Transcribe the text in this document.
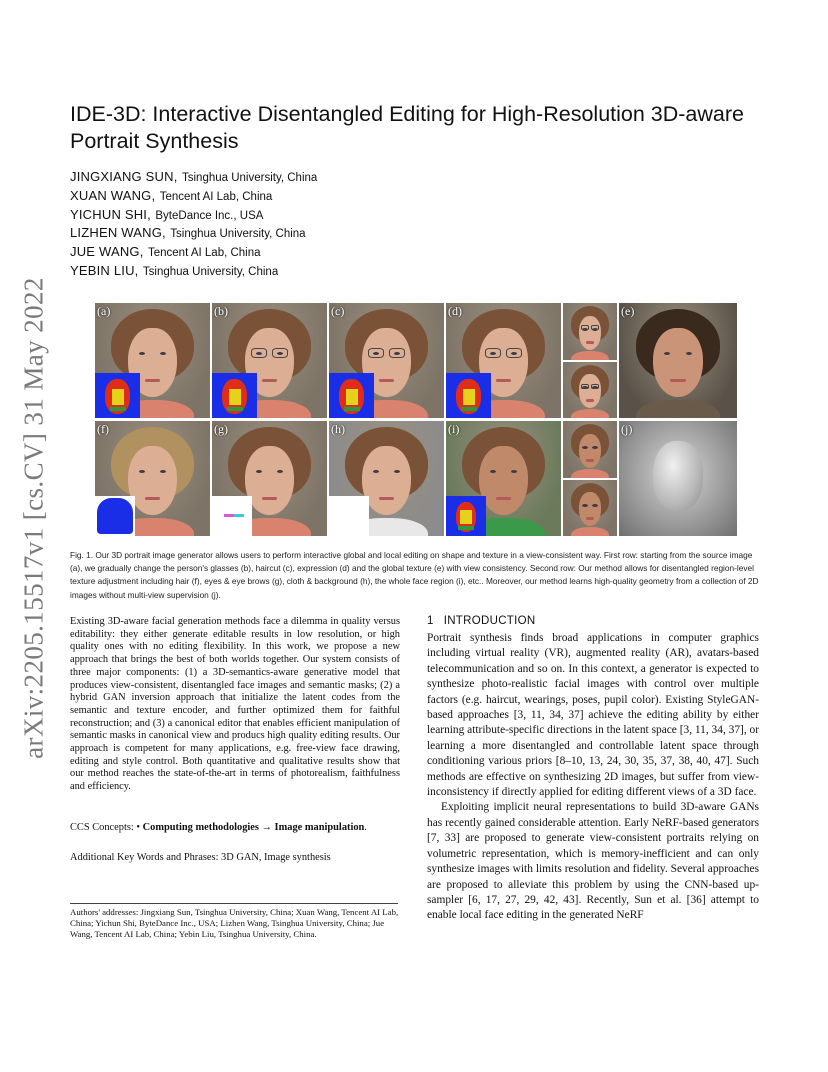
arXiv:2205.15517v1 [cs.CV] 31 May 2022
IDE-3D: Interactive Disentangled Editing for High-Resolution 3D-aware Portrait Synthesis
JINGXIANG SUN, Tsinghua University, China
XUAN WANG, Tencent AI Lab, China
YICHUN SHI, ByteDance Inc., USA
LIZHEN WANG, Tsinghua University, China
JUE WANG, Tencent AI Lab, China
YEBIN LIU, Tsinghua University, China
(a)	(b)	(c)	(d)	(e)
(f)	(g)	(h)	(i)	(j)

Fig. 1. Our 3D portrait image generator allows users to perform interactive global and local editing on shape and texture in a view-consistent way. First row: starting from the source image (a), we gradually change the person's glasses (b), haircut (c), expression (d) and the global texture (e) with view consistency. Second row: Our method allows for disentangled region-level texture adjustment including hair (f), eyes & eye brows (g), cloth & background (h), the whole face region (i), etc.. Moreover, our method learns high-quality geometry from a collection of 2D images without multi-view supervision (j).

Existing 3D-aware facial generation methods face a dilemma in quality versus editability: they either generate editable results in low resolution, or high quality ones with no editing flexibility. In this work, we propose a new approach that brings the best of both worlds together. Our system consists of three major components: (1) a 3D-semantics-aware generative model that produces view-consistent, disentangled face images and semantic masks; (2) a hybrid GAN inversion approach that initialize the latent codes from the semantic and texture encoder, and further optimized them for faithful reconstruction; and (3) a canonical editor that enables efficient manipulation of semantic masks in canonical view and producs high quality editing results. Our approach is competent for many applications, e.g. free-view face drawing, editing and style control. Both quantitative and qualitative results show that our method reaches the state-of-the-art in terms of photorealism, faithfulness and efficiency.

CCS Concepts: • Computing methodologies → Image manipulation.

Additional Key Words and Phrases: 3D GAN, Image synthesis

Authors' addresses: Jingxiang Sun, Tsinghua University, China; Xuan Wang, Tencent AI Lab, China; Yichun Shi, ByteDance Inc., USA; Lizhen Wang, Tsinghua University, China; Jue Wang, Tencent AI Lab, China; Yebin Liu, Tsinghua University, China.

1 INTRODUCTION

Portrait synthesis finds broad applications in computer graphics including virtual reality (VR), augmented reality (AR), avatars-based telecommunication and so on. In this context, a generator is expected to synthesize photo-realistic facial images with control over multiple factors (e.g. haircut, wearings, poses, pupil color). Existing StyleGAN-based approaches [3, 11, 34, 37] achieve the editing ability by either learning attribute-specific directions in the latent space [3, 11, 34, 37], or learning a more disentangled and controllable latent space through conditioning various priors [8–10, 13, 24, 30, 35, 37, 38, 40, 47]. Such methods are effective on synthesizing 2D images, but suffer from view-inconsistency if directly applied for editing different views of a 3D face.

Exploiting implicit neural representations to build 3D-aware GANs has recently gained considerable attention. Early NeRF-based generators [7, 33] are proposed to generate view-consistent portraits relying on volumetric representation, which is memory-inefficient and can only synthesize images with limits resolution and fidelity. Several approaches are proposed to alleviate this problem by using the CNN-based up-sampler [6, 17, 27, 29, 42, 43]. Recently, Sun et al. [36] attempt to enable local face editing in the generated NeRF
